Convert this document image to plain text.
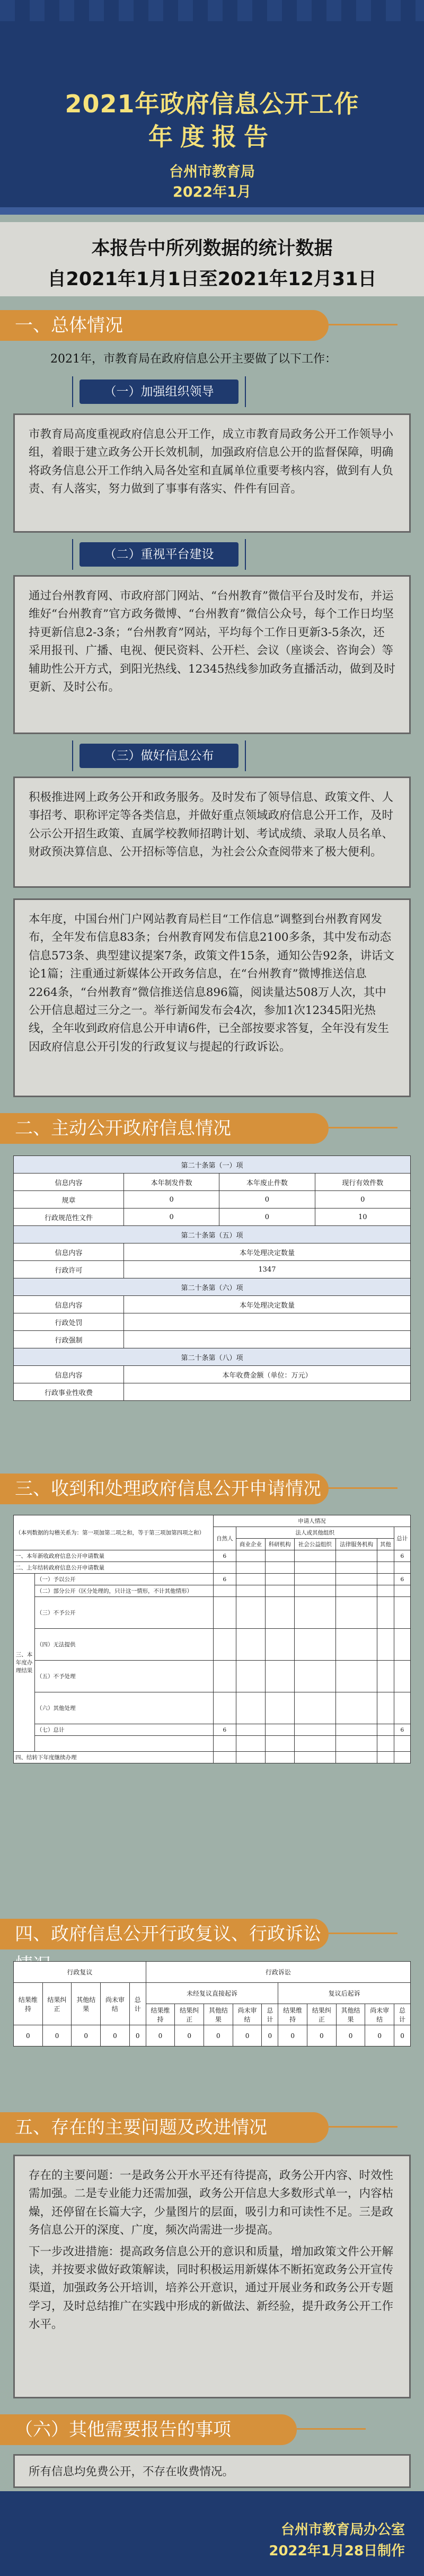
2021年政府信息公开工作
年度报告
台州市教育局
2022年1月
本报告中所列数据的统计数据
自2021年1月1日至2021年12月31日
一、总体情况
2021年，市教育局在政府信息公开主要做了以下工作：
（一）加强组织领导
市教育局高度重视政府信息公开工作，成立市教育局政务公开工作领导小组，着眼于建立政务公开长效机制，加强政府信息公开的监督保障，明确将政务信息公开工作纳入局各处室和直属单位重要考核内容，做到有人负责、有人落实，努力做到了事事有落实、件件有回音。
（二）重视平台建设
通过台州教育网、市政府部门网站、“台州教育”微信平台及时发布，并运维好“台州教育”官方政务微博、“台州教育”微信公众号，每个工作日均坚持更新信息2-3条；“台州教育”网站，平均每个工作日更新3-5条次，还采用报刊、广播、电视、便民资料、公开栏、会议（座谈会、咨询会）等辅助性公开方式，到阳光热线、12345热线参加政务直播活动，做到及时更新、及时公布。
（三）做好信息公布
积极推进网上政务公开和政务服务。及时发布了领导信息、政策文件、人事招考、职称评定等各类信息，并做好重点领域政府信息公开工作，及时公示公开招生政策、直属学校教师招聘计划、考试成绩、录取人员名单、财政预决算信息、公开招标等信息，为社会公众查阅带来了极大便利。
本年度，中国台州门户网站教育局栏目“工作信息”调整到台州教育网发布，全年发布信息83条；台州教育网发布信息2100多条，其中发布动态信息573条、典型建议提案7条，政策文件15条，通知公告92条，讲话文论1篇；注重通过新媒体公开政务信息，在“台州教育”微博推送信息2264条，“台州教育”微信推送信息896篇，阅读量达508万人次，其中公开信息超过三分之一。举行新闻发布会4次，参加1次12345阳光热线，全年收到政府信息公开申请6件，已全部按要求答复，全年没有发生因政府信息公开引发的行政复议与提起的行政诉讼。
二、主动公开政府信息情况
第二十条第（一）项			
信息内容	本年制发件数	本年废止件数	现行有效件数
规章	0	0	0
行政规范性文件	0	0	10
第二十条第（五）项			
信息内容	本年处理决定数量		
行政许可	1347		
第二十条第（六）项			
信息内容	本年处理决定数量		
行政处罚			
行政强制			
第二十条第（八）项			
信息内容	本年收费金额（单位：万元）		
行政事业性收费			
三、收到和处理政府信息公开申请情况
（本列数据的勾稽关系为：第一项加第二项之和，等于第三项加第四项之和）		申请人情况						
		自然人	法人或其他组织					总计
			商业企业	科研机构	社会公益组织	法律服务机构	其他	
一、本年新收政府信息公开申请数量		6						6
二、上年结转政府信息公开申请数量								
三、本年度办理结果	（一）予以公开	6						6
	（二）部分公开（区分处理的，只计这一情形，不计其他情形）							
	（三）不予公开							
	（四）无法提供							
	（五）不予处理							
	（六）其他处理							
	（七）总计	6						6

四、结转下年度继续办理								
四、政府信息公开行政复议、行政诉讼
行政复议					行政诉讼									
结果维持	结果纠正	其他结果	尚未审结	总计	未经复议直接起诉					复议后起诉				
					结果维持	结果纠正	其他结果	尚未审结	总计	结果维持	结果纠正	其他结果	尚未审结	总计
0	0	0	0	0	0	0	0	0	0	0	0	0	0	0
五、存在的主要问题及改进情况

存在的主要问题：一是政务公开水平还有待提高，政务公开内容、时效性需加强。二是专业能力还需加强，政务公开信息大多数形式单一，内容枯燥，还停留在长篇大字，少量图片的层面，吸引力和可读性不足。三是政务信息公开的深度、广度，频次尚需进一步提高。

下一步改进措施：提高政务信息公开的意识和质量，增加政策文件公开解读，并按要求做好政策解读，同时积极运用新媒体不断拓宽政务公开宣传渠道，加强政务公开培训，培养公开意识，通过开展业务和政务公开专题学习，及时总结推广在实践中形成的新做法、新经验，提升政务公开工作水平。

（六）其他需要报告的事项
所有信息均免费公开，不存在收费情况。
台州市教育局办公室
2022年1月28日制作
